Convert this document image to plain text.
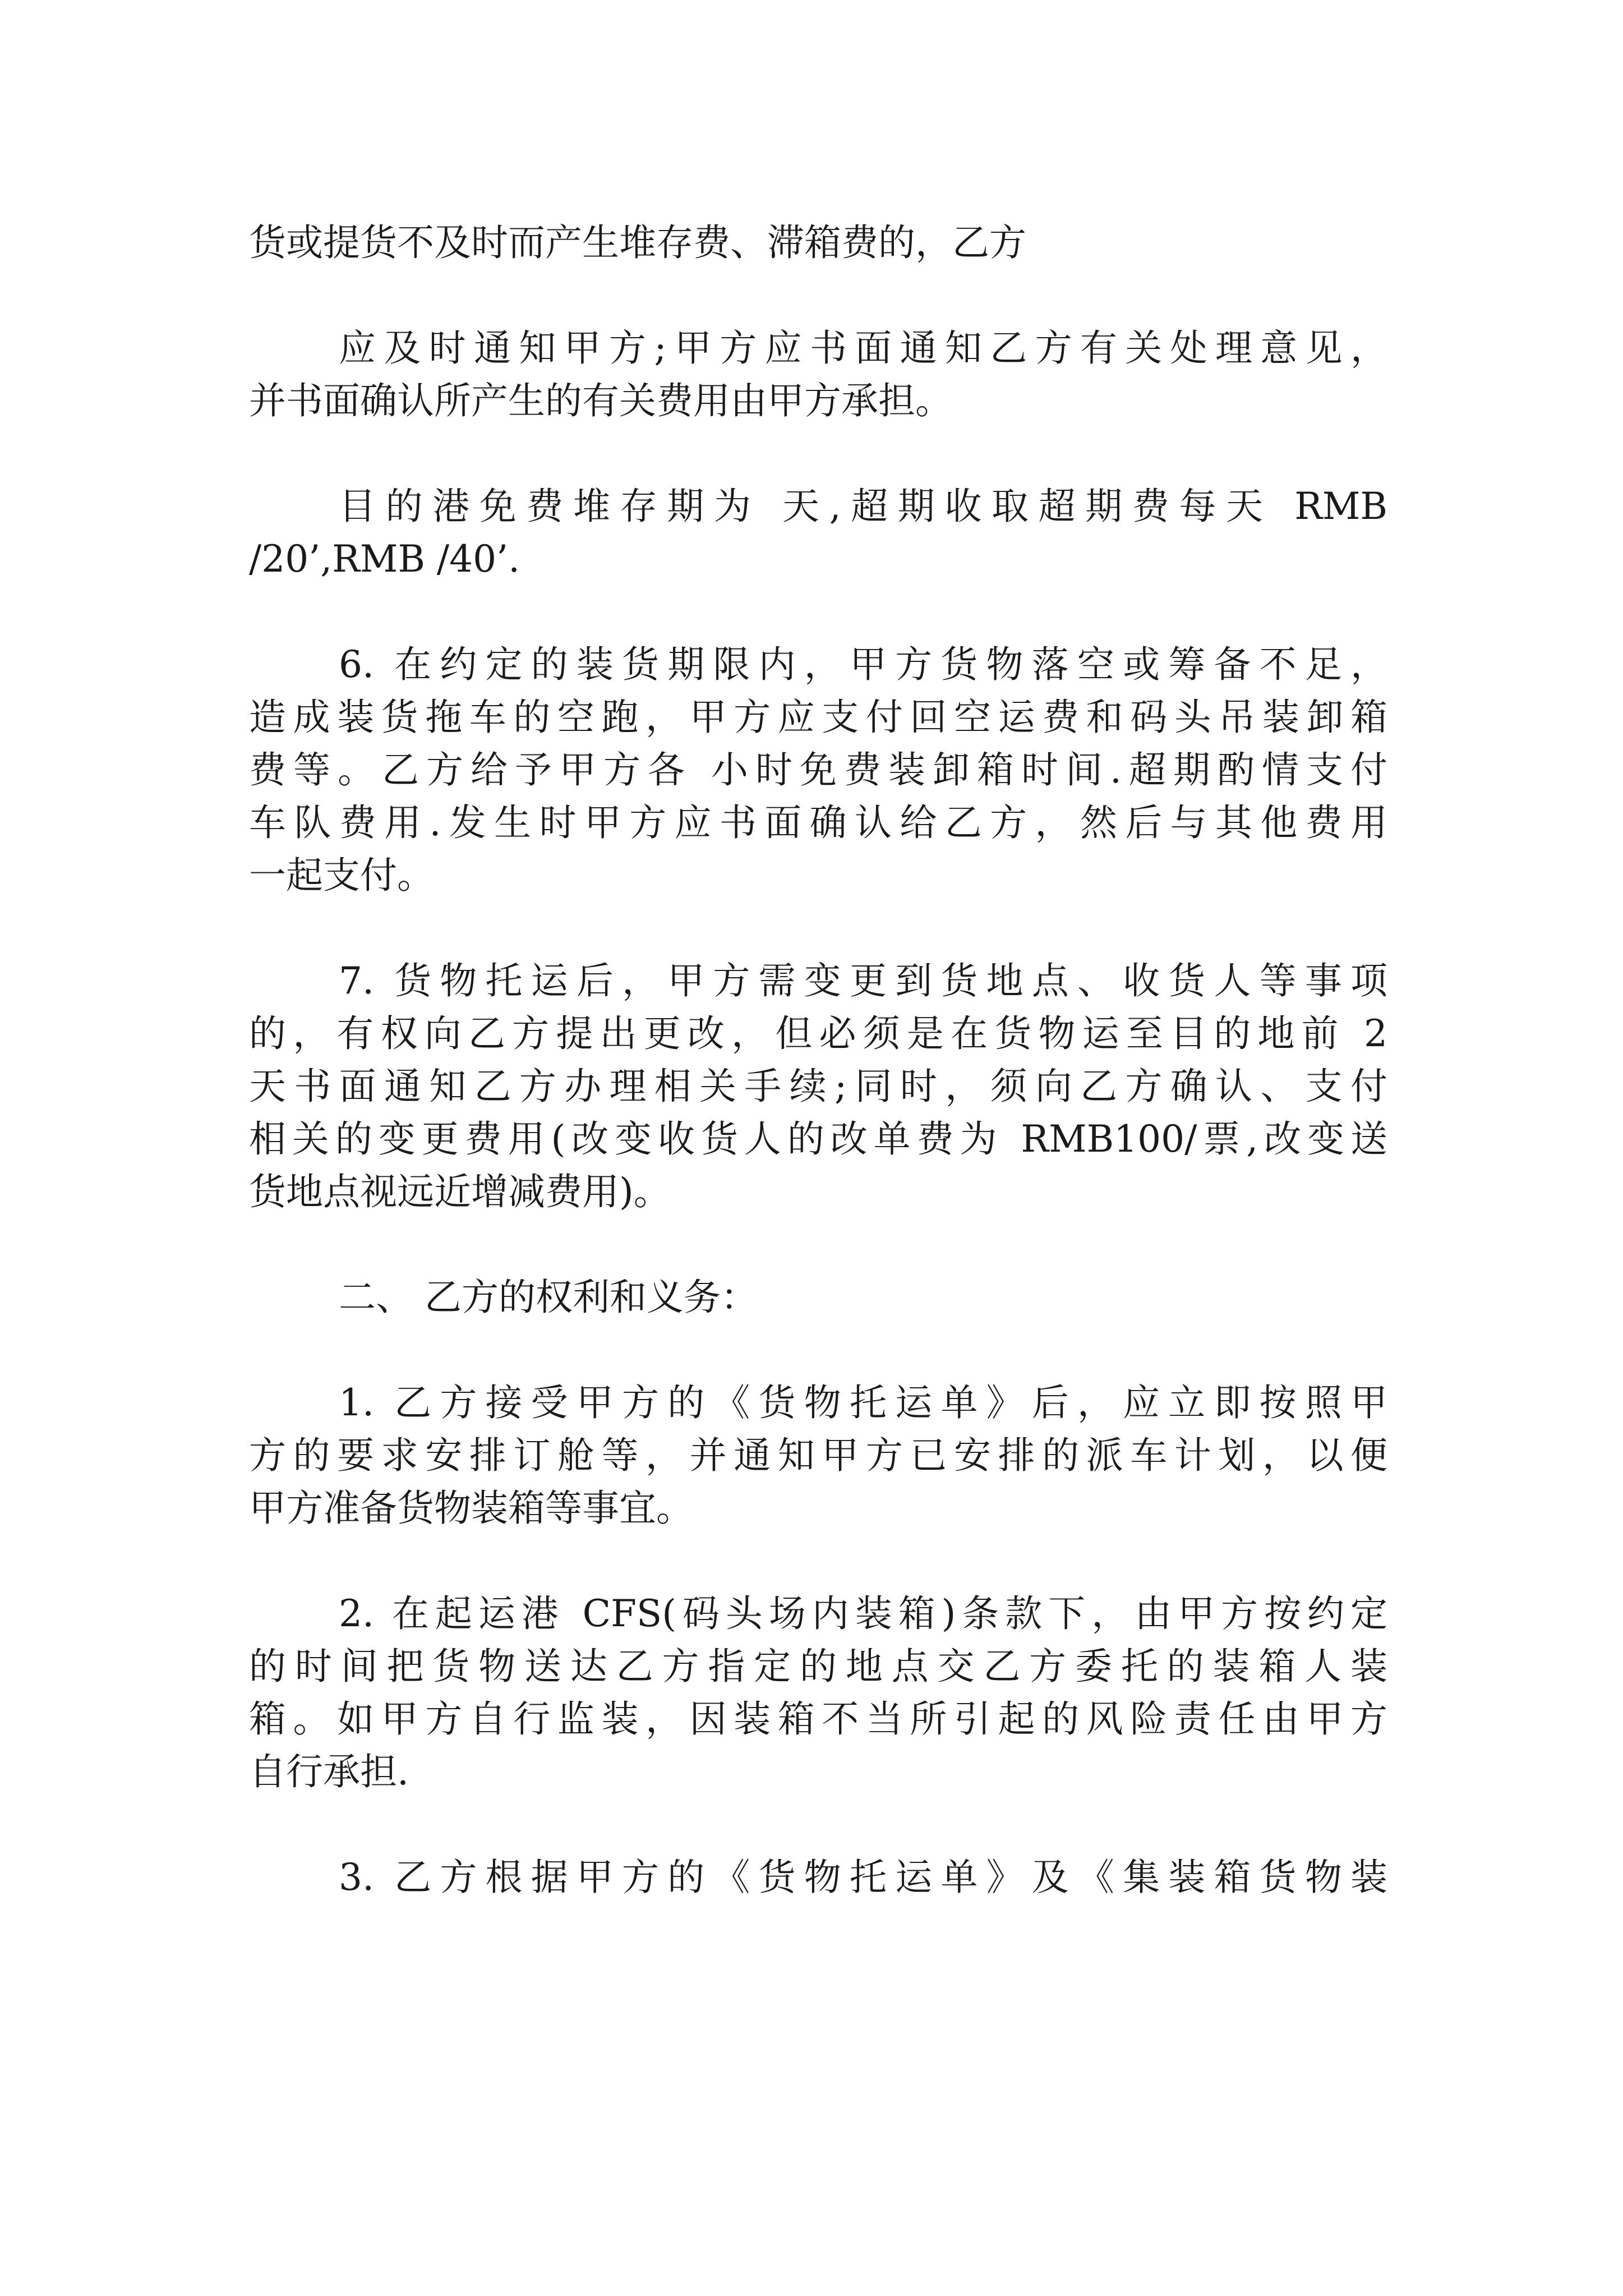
货或提货不及时而产生堆存费、滞箱费的，乙方
应及时通知甲方;甲方应书面通知乙方有关处理意见，
并书面确认所产生的有关费用由甲方承担。
目的港免费堆存期为 天,超期收取超期费每天 RMB
/20’,RMB /40’.
6. 在约定的装货期限内，甲方货物落空或筹备不足，
造成装货拖车的空跑，甲方应支付回空运费和码头吊装卸箱
费等。乙方给予甲方各 小时免费装卸箱时间.超期酌情支付
车队费用.发生时甲方应书面确认给乙方，然后与其他费用
一起支付。
7. 货物托运后，甲方需变更到货地点、收货人等事项
的，有权向乙方提出更改，但必须是在货物运至目的地前 2
天书面通知乙方办理相关手续;同时，须向乙方确认、支付
相关的变更费用(改变收货人的改单费为 RMB100/票,改变送
货地点视远近增减费用)。
二、 乙方的权利和义务：
1. 乙方接受甲方的《货物托运单》后，应立即按照甲
方的要求安排订舱等，并通知甲方已安排的派车计划，以便
甲方准备货物装箱等事宜。
2. 在起运港 CFS(码头场内装箱)条款下，由甲方按约定
的时间把货物送达乙方指定的地点交乙方委托的装箱人装
箱。如甲方自行监装，因装箱不当所引起的风险责任由甲方
自行承担.
3. 乙方根据甲方的《货物托运单》及《集装箱货物装
